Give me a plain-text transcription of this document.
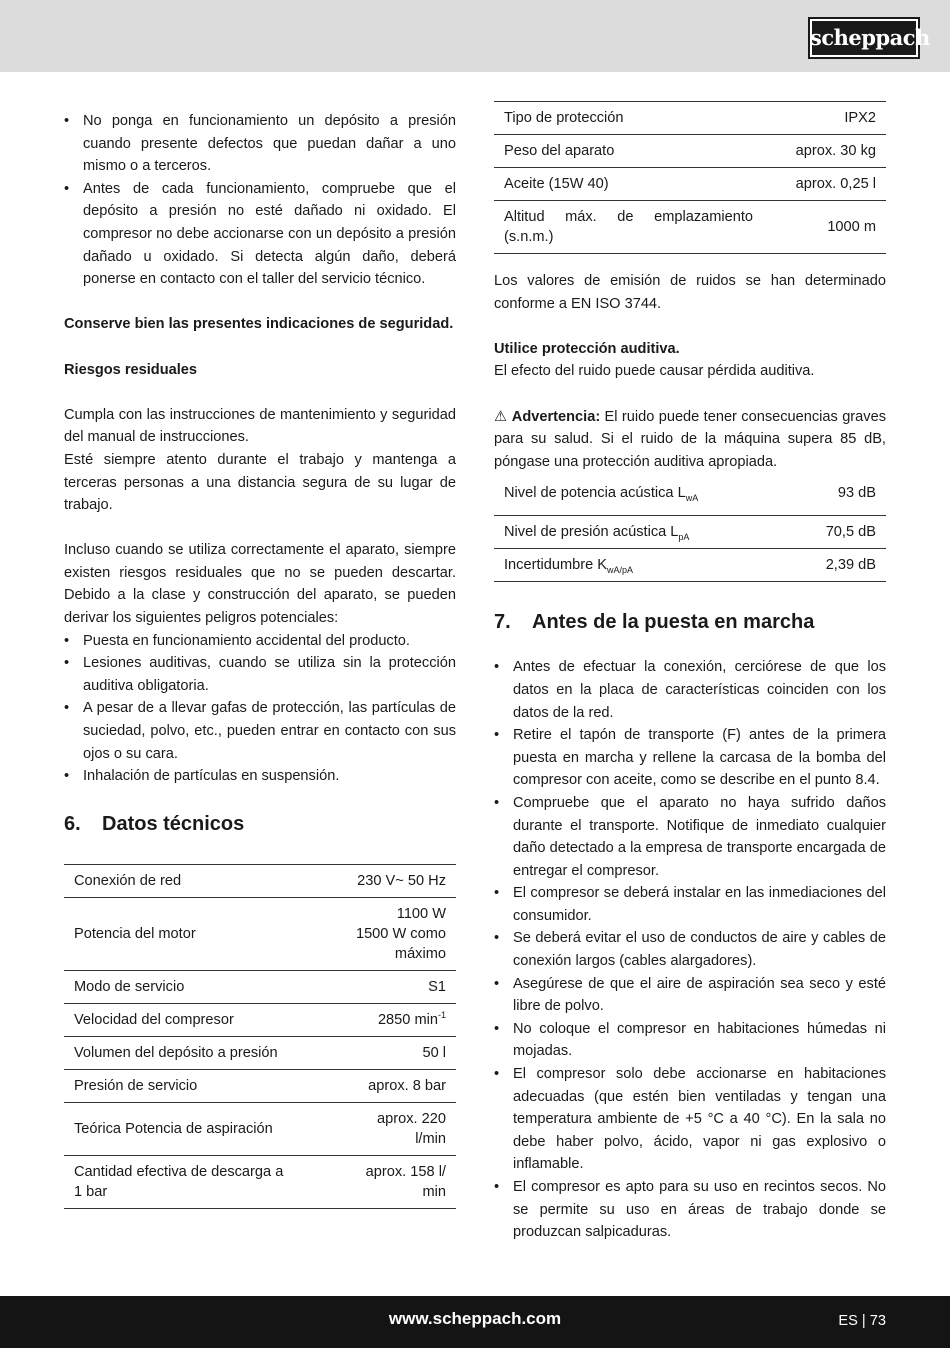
scheppach
• No ponga en funcionamiento un depósito a presión cuando presente defectos que puedan dañar a uno mismo o a terceros.
• Antes de cada funcionamiento, compruebe que el depósito a presión no esté dañado ni oxidado. El compresor no debe accionarse con un depósito a presión dañado u oxidado. Si detecta algún daño, deberá ponerse en contacto con el taller del servicio técnico.

Conserve bien las presentes indicaciones de seguridad.

Riesgos residuales

Cumpla con las instrucciones de mantenimiento y seguridad del manual de instrucciones.

Esté siempre atento durante el trabajo y mantenga a terceras personas a una distancia segura de su lugar de trabajo.

Incluso cuando se utiliza correctamente el aparato, siempre existen riesgos residuales que no se pueden descartar. Debido a la clase y construcción del aparato, se pueden derivar los siguientes peligros potenciales:

• Puesta en funcionamiento accidental del producto.
• Lesiones auditivas, cuando se utiliza sin la protección auditiva obligatoria.
• A pesar de a llevar gafas de protección, las partículas de suciedad, polvo, etc., pueden entrar en contacto con sus ojos o su cara.
• Inhalación de partículas en suspensión.
6. Datos técnicos
Conexión de red	230 V~ 50 Hz
Potencia del motor	1100 W
1500 W como
máximo
Modo de servicio	S1
Velocidad del compresor	2850 $\min^{-1}$
Volumen del depósito a presión	50 l
Presión de servicio	aprox. 8 bar
Teórica Potencia de aspiración	aprox. 220
l/min
Cantidad efectiva de descarga a
1 bar	aprox. 158 l/
min
Tipo de protección	IPX2
Peso del aparato	aprox. 30 kg
Aceite (15W 40)	aprox. 0,25 l
Altitud máx. de emplazamiento
(s.n.m.)	1000 m

Los valores de emisión de ruidos se han determinado conforme a EN ISO 3744.

Utilice protección auditiva.

El efecto del ruido puede causar pérdida auditiva.

⚠ Advertencia: El ruido puede tener consecuencias graves para su salud. Si el ruido de la máquina supera 85 dB, póngase una protección auditiva apropiada.

Nivel de potencia acústica $L_{wA}$	93 dB
Nivel de presión acústica $L_{pA}$	70,5 dB
Incertidumbre $K_{wA/pA}$	2,39 dB
7. Antes de la puesta en marcha
• Antes de efectuar la conexión, cerciórese de que los datos en la placa de características coinciden con los datos de la red.
• Retire el tapón de transporte (F) antes de la primera puesta en marcha y rellene la carcasa de la bomba del compresor con aceite, como se describe en el punto 8.4.
• Compruebe que el aparato no haya sufrido daños durante el transporte. Notifique de inmediato cualquier daño detectado a la empresa de transporte encargada de entregar el compresor.
• El compresor se deberá instalar en las inmediaciones del consumidor.
• Se deberá evitar el uso de conductos de aire y cables de conexión largos (cables alargadores).
• Asegúrese de que el aire de aspiración sea seco y esté libre de polvo.
• No coloque el compresor en habitaciones húmedas ni mojadas.
• El compresor solo debe accionarse en habitaciones adecuadas (que estén bien ventiladas y tengan una temperatura ambiente de +5 °C a 40 °C). En la sala no debe haber polvo, ácido, vapor ni gas explosivo o inflamable.
• El compresor es apto para su uso en recintos secos. No se permite su uso en áreas de trabajo donde se produzcan salpicaduras.
www.scheppach.com	ES | 73
